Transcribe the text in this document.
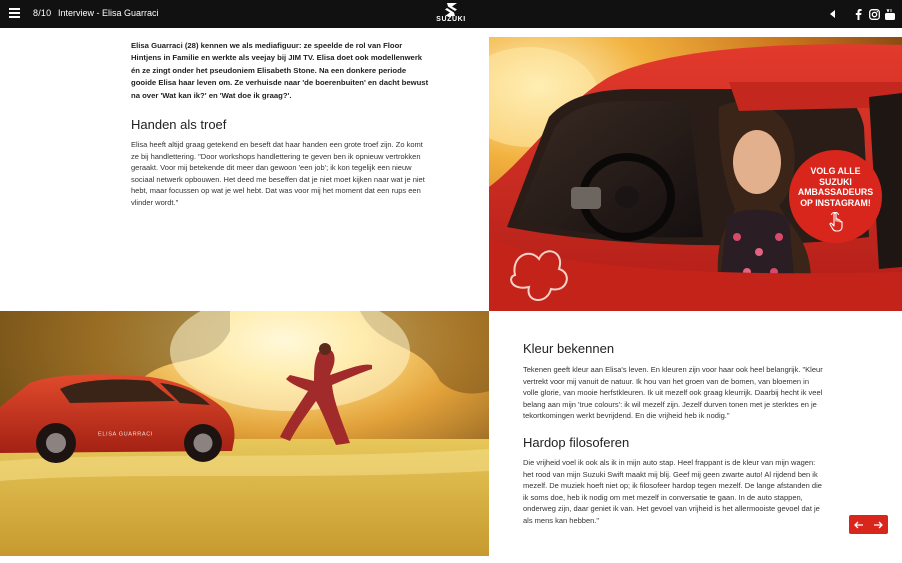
8/10 Interview - Elisa Guarraci
SUZUKI
Elisa Guarraci (28) kennen we als mediafiguur: ze speelde de rol van Floor Hintjens in Familie en werkte als veejay bij JIM TV. Elisa doet ook modellenwerk én ze zingt onder het pseudoniem Elisabeth Stone. Na een donkere periode gooide Elisa haar leven om. Ze verhuisde naar 'de boerenbuiten' en dacht bewust na over 'Wat kan ik?' en 'Wat doe ik graag?'.
Handen als troef
Elisa heeft altijd graag getekend en beseft dat haar handen een grote troef zijn. Zo komt ze bij handlettering. "Door workshops handlettering te geven ben ik opnieuw vertrokken geraakt. Voor mij betekende dit meer dan gewoon 'een job'; ik kon tegelijk een nieuw sociaal netwerk opbouwen. Het deed me beseffen dat je niet moet kijken naar wat je niet hebt, maar focussen op wat je wel hebt. Dat was voor mij het moment dat een rups een vlinder wordt."
VOLG ALLE
SUZUKI
AMBASSADEURS
OP INSTAGRAM!
ELISA GUARRACI
Kleur bekennen
Tekenen geeft kleur aan Elisa's leven. En kleuren zijn voor haar ook heel belangrijk. "Kleur vertrekt voor mij vanuit de natuur. Ik hou van het groen van de bomen, van bloemen in volle glorie, van mooie herfstkleuren. Ik uit mezelf ook graag kleurrijk. Daarbij hecht ik veel belang aan mijn 'true colours': ik wil mezelf zijn. Jezelf durven tonen met je sterktes en je tekortkomingen werkt bevrijdend. En die vrijheid heb ik nodig."
Hardop filosoferen
Die vrijheid voel ik ook als ik in mijn auto stap. Heel frappant is de kleur van mijn wagen: het rood van mijn Suzuki Swift maakt mij blij. Geef mij geen zwarte auto! Al rijdend ben ik mezelf. De muziek hoeft niet op; ik filosofeer hardop tegen mezelf. De lange afstanden die ik soms doe, heb ik nodig om met mezelf in conversatie te gaan. In de auto stappen, onderweg zijn, daar geniet ik van. Het gevoel van vrijheid is het allermooiste gevoel dat je als mens kan hebben."
